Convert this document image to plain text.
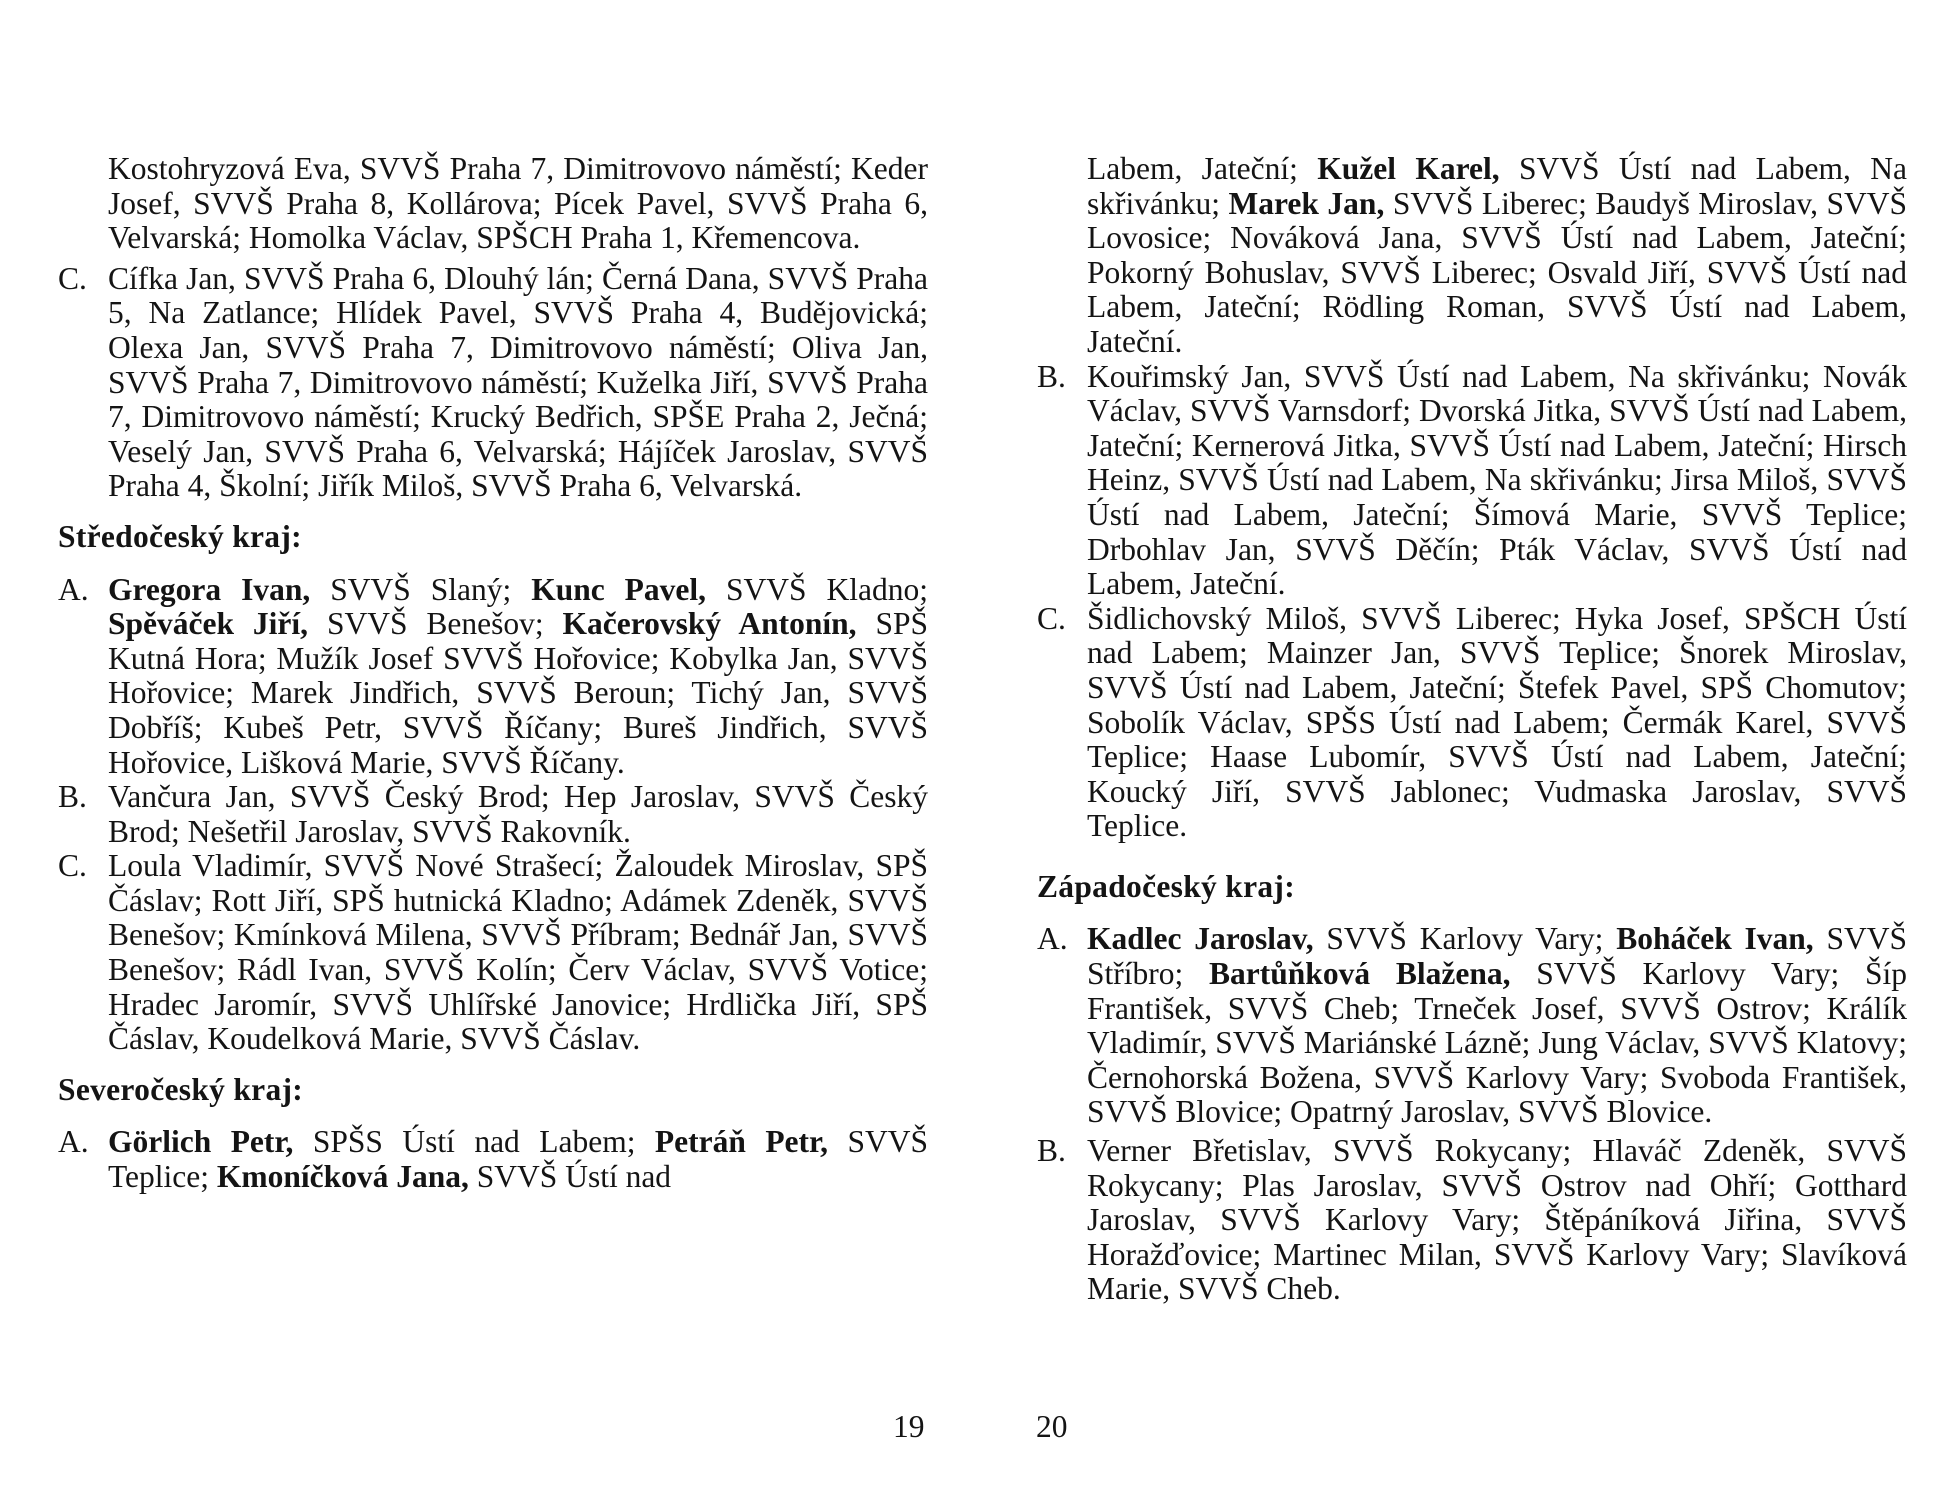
Kostohryzová Eva, SVVŠ Praha 7, Dimitrovovo náměstí; Keder Josef, SVVŠ Praha 8, Kollárova; Pícek Pavel, SVVŠ Praha 6, Velvarská; Homolka Václav, SPŠCH Praha 1, Křemencova.

C. Cífka Jan, SVVŠ Praha 6, Dlouhý lán; Černá Dana, SVVŠ Praha 5, Na Zatlance; Hlídek Pavel, SVVŠ Praha 4, Budějovická; Olexa Jan, SVVŠ Praha 7, Dimitrovovo náměstí; Oliva Jan, SVVŠ Praha 7, Dimitrovovo náměstí; Kuželka Jiří, SVVŠ Praha 7, Dimitrovovo náměstí; Krucký Bedřich, SPŠE Praha 2, Ječná; Veselý Jan, SVVŠ Praha 6, Velvarská; Hájíček Jaroslav, SVVŠ Praha 4, Školní; Jiřík Miloš, SVVŠ Praha 6, Velvarská.

Středočeský kraj:

A. Gregora Ivan, SVVŠ Slaný; Kunc Pavel, SVVŠ Kladno; Spěváček Jiří, SVVŠ Benešov; Kačerovský Antonín, SPŠ Kutná Hora; Mužík Josef SVVŠ Hořovice; Kobylka Jan, SVVŠ Hořovice; Marek Jindřich, SVVŠ Beroun; Tichý Jan, SVVŠ Dobříš; Kubeš Petr, SVVŠ Říčany; Bureš Jindřich, SVVŠ Hořovice, Lišková Marie, SVVŠ Říčany.

B. Vančura Jan, SVVŠ Český Brod; Hep Jaroslav, SVVŠ Český Brod; Nešetřil Jaroslav, SVVŠ Rakovník.

C. Loula Vladimír, SVVŠ Nové Strašecí; Žaloudek Miroslav, SPŠ Čáslav; Rott Jiří, SPŠ hutnická Kladno; Adámek Zdeněk, SVVŠ Benešov; Kmínková Milena, SVVŠ Příbram; Bednář Jan, SVVŠ Benešov; Rádl Ivan, SVVŠ Kolín; Červ Václav, SVVŠ Votice; Hradec Jaromír, SVVŠ Uhlířské Janovice; Hrdlička Jiří, SPŠ Čáslav, Koudelková Marie, SVVŠ Čáslav.

Severočeský kraj:

A. Görlich Petr, SPŠS Ústí nad Labem; Petráň Petr, SVVŠ Teplice; Kmoníčková Jana, SVVŠ Ústí nad

19

Labem, Jateční; Kužel Karel, SVVŠ Ústí nad Labem, Na skřivánku; Marek Jan, SVVŠ Liberec; Baudyš Miroslav, SVVŠ Lovosice; Nováková Jana, SVVŠ Ústí nad Labem, Jateční; Pokorný Bohuslav, SVVŠ Liberec; Osvald Jiří, SVVŠ Ústí nad Labem, Jateční; Rödling Roman, SVVŠ Ústí nad Labem, Jateční.

B. Kouřimský Jan, SVVŠ Ústí nad Labem, Na skřivánku; Novák Václav, SVVŠ Varnsdorf; Dvorská Jitka, SVVŠ Ústí nad Labem, Jateční; Kernerová Jitka, SVVŠ Ústí nad Labem, Jateční; Hirsch Heinz, SVVŠ Ústí nad Labem, Na skřivánku; Jirsa Miloš, SVVŠ Ústí nad Labem, Jateční; Šímová Marie, SVVŠ Teplice; Drbohlav Jan, SVVŠ Děčín; Pták Václav, SVVŠ Ústí nad Labem, Jateční.

C. Šidlichovský Miloš, SVVŠ Liberec; Hyka Josef, SPŠCH Ústí nad Labem; Mainzer Jan, SVVŠ Teplice; Šnorek Miroslav, SVVŠ Ústí nad Labem, Jateční; Štefek Pavel, SPŠ Chomutov; Sobolík Václav, SPŠS Ústí nad Labem; Čermák Karel, SVVŠ Teplice; Haase Lubomír, SVVŠ Ústí nad Labem, Jateční; Koucký Jiří, SVVŠ Jablonec; Vudmaska Jaroslav, SVVŠ Teplice.

Západočeský kraj:

A. Kadlec Jaroslav, SVVŠ Karlovy Vary; Boháček Ivan, SVVŠ Stříbro; Bartůňková Blažena, SVVŠ Karlovy Vary; Šíp František, SVVŠ Cheb; Trneček Josef, SVVŠ Ostrov; Králík Vladimír, SVVŠ Mariánské Lázně; Jung Václav, SVVŠ Klatovy; Černohorská Božena, SVVŠ Karlovy Vary; Svoboda František, SVVŠ Blovice; Opatrný Jaroslav, SVVŠ Blovice.

B. Verner Břetislav, SVVŠ Rokycany; Hlaváč Zdeněk, SVVŠ Rokycany; Plas Jaroslav, SVVŠ Ostrov nad Ohří; Gotthard Jaroslav, SVVŠ Karlovy Vary; Štěpáníková Jiřina, SVVŠ Horažďovice; Martinec Milan, SVVŠ Karlovy Vary; Slavíková Marie, SVVŠ Cheb.

20
